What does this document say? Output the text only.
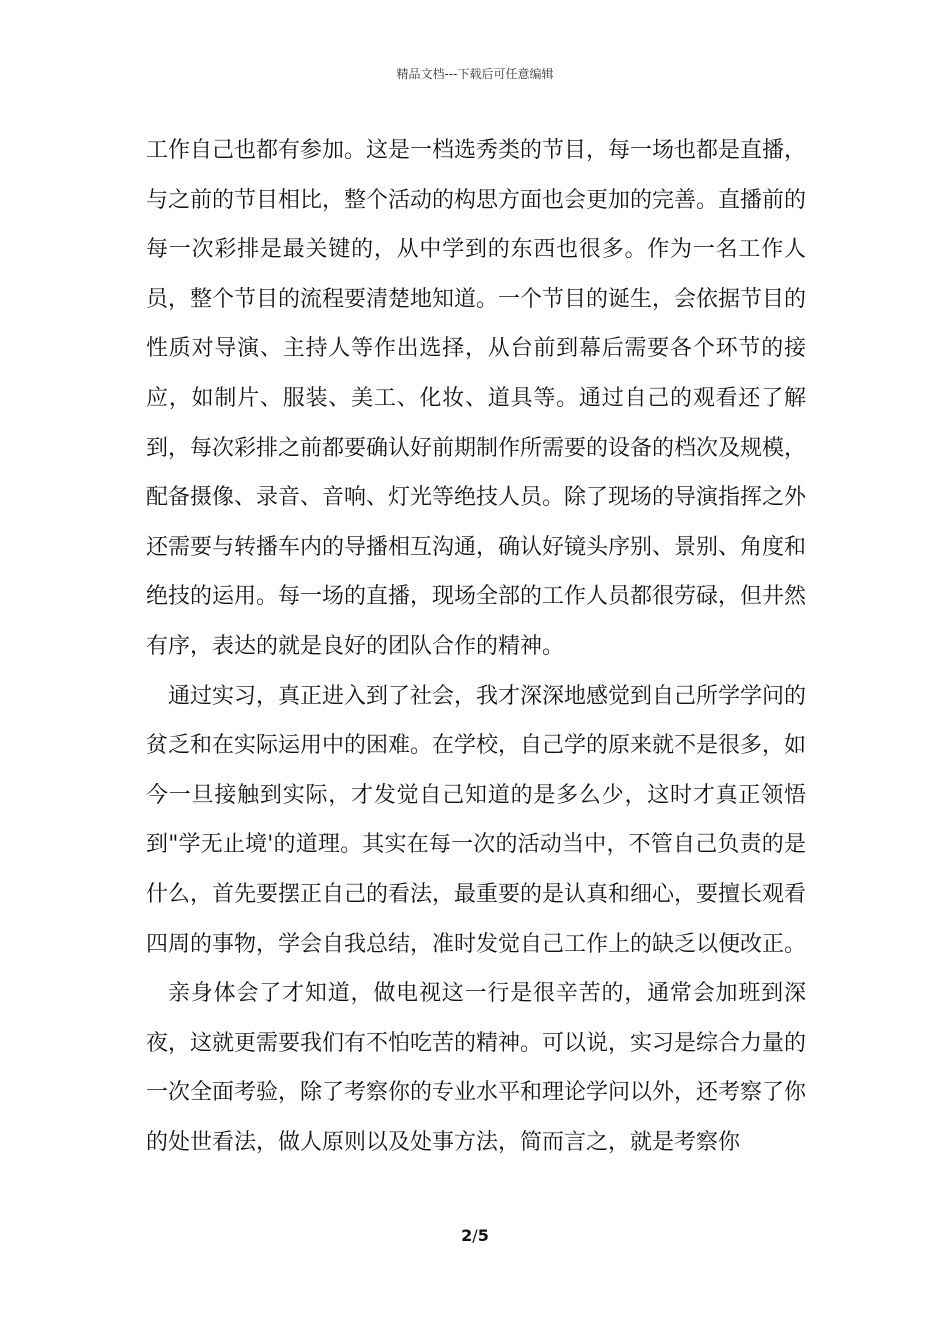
精品文档---下载后可任意编辑

工作自己也都有参加。这是一档选秀类的节目，每一场也都是直播，与之前的节目相比，整个活动的构思方面也会更加的完善。直播前的每一次彩排是最关键的，从中学到的东西也很多。作为一名工作人员，整个节目的流程要清楚地知道。一个节目的诞生，会依据节目的性质对导演、主持人等作出选择，从台前到幕后需要各个环节的接应，如制片、服装、美工、化妆、道具等。通过自己的观看还了解到，每次彩排之前都要确认好前期制作所需要的设备的档次及规模，配备摄像、录音、音响、灯光等绝技人员。除了现场的导演指挥之外还需要与转播车内的导播相互沟通，确认好镜头序别、景别、角度和绝技的运用。每一场的直播，现场全部的工作人员都很劳碌，但井然有序，表达的就是良好的团队合作的精神。

通过实习，真正进入到了社会，我才深深地感觉到自己所学学问的贫乏和在实际运用中的困难。在学校，自己学的原来就不是很多，如今一旦接触到实际，才发觉自己知道的是多么少，这时才真正领悟到"学无止境'的道理。其实在每一次的活动当中，不管自己负责的是什么，首先要摆正自己的看法，最重要的是认真和细心，要擅长观看四周的事物，学会自我总结，准时发觉自己工作上的缺乏以便改正。

亲身体会了才知道，做电视这一行是很辛苦的，通常会加班到深夜，这就更需要我们有不怕吃苦的精神。可以说，实习是综合力量的一次全面考验，除了考察你的专业水平和理论学问以外，还考察了你的处世看法，做人原则以及处事方法，简而言之，就是考察你

2/5
